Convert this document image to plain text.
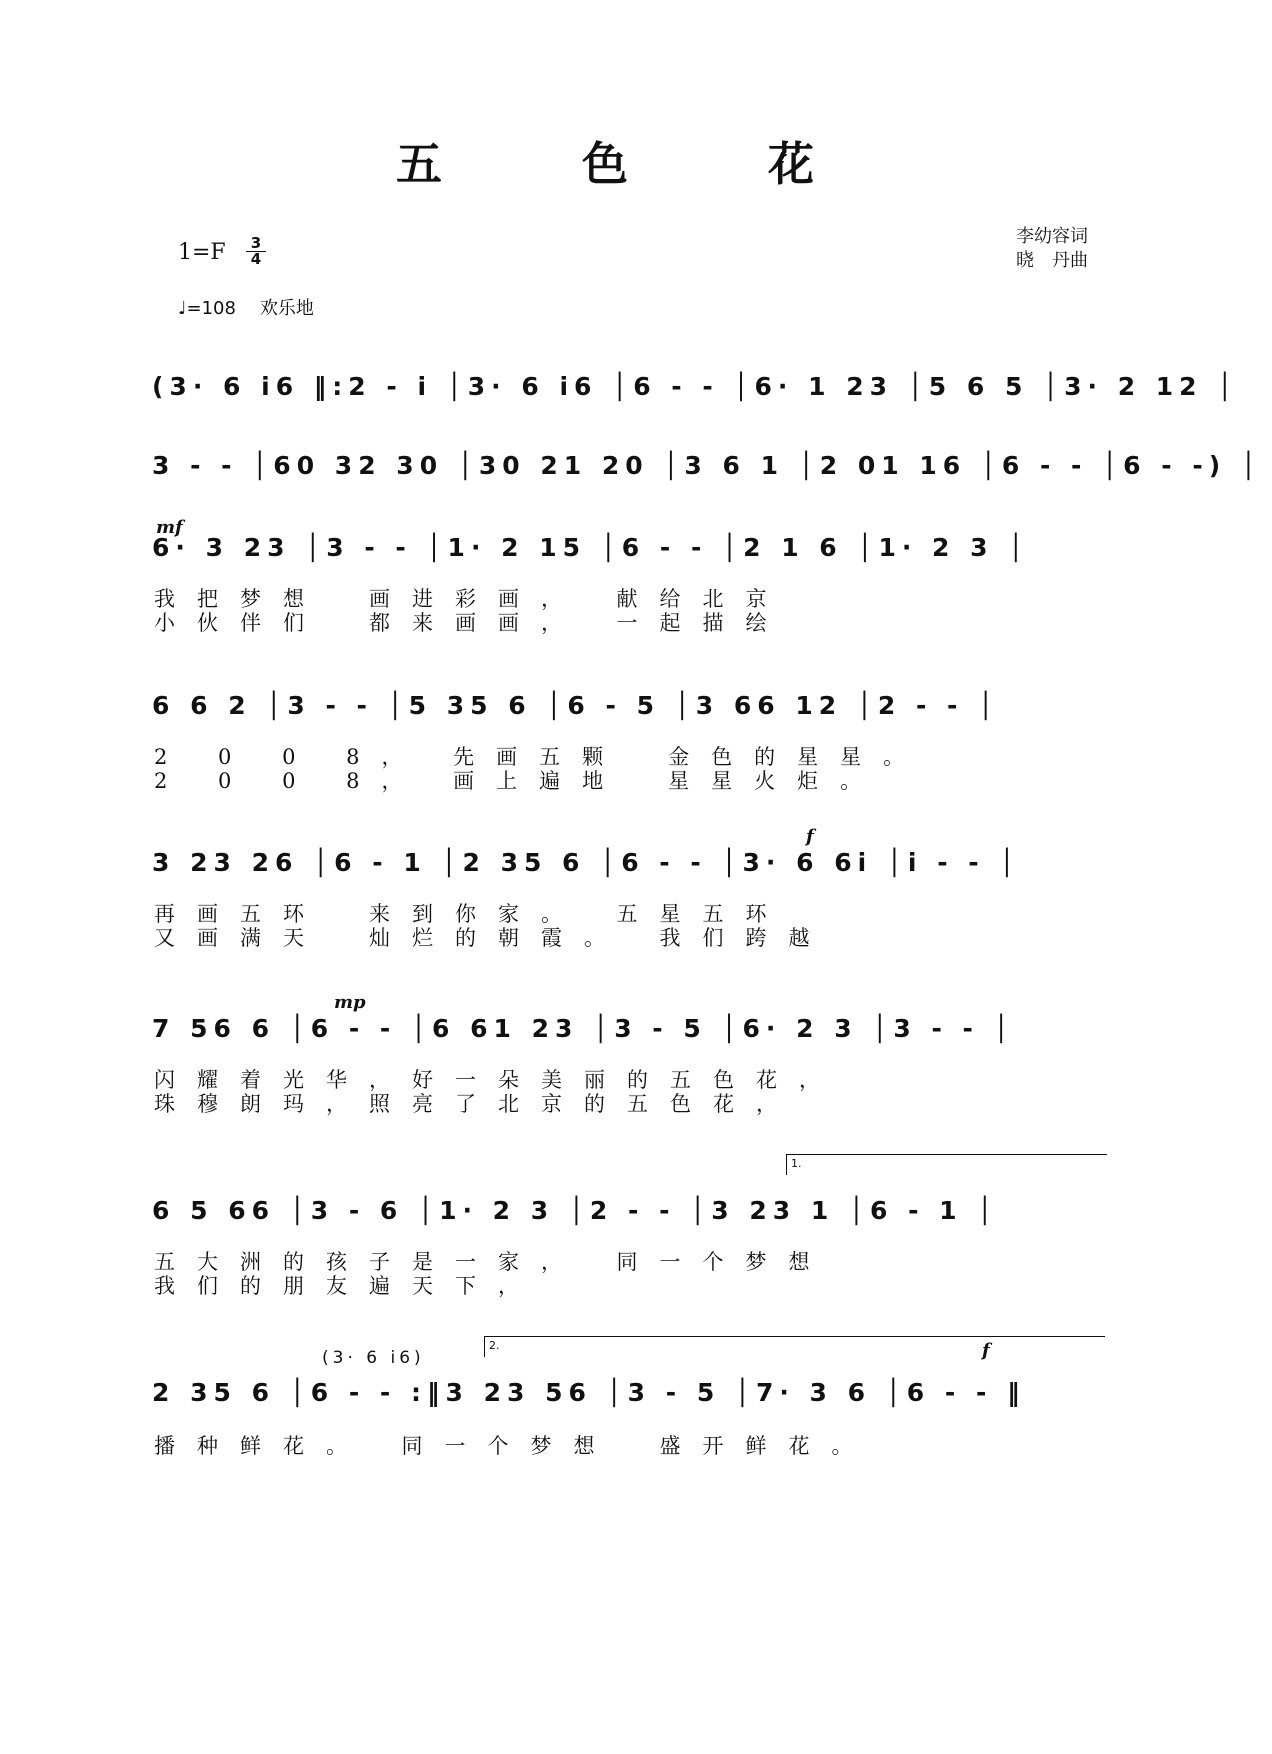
五 色 花
$1=F \frac{3}{4}$
♩=108 欢乐地
李幼容词
晓　丹曲
(3· 6 i6 ‖:2 - i │3· 6 i6 │6 - - │6· 1 23 │5 6 5 │3· 2 12 │
3 - - │60 32 30 │30 21 20 │3 6 1 │2 01 16 │6 - - │6 - -) │
mf
6· 3 23 │3 - - │1· 2 15 │6 - - │2 1 6 │1· 2 3 │
我把梦想　画进彩画，　献给北京
小伙伴们　都来画画，　一起描绘
6 6 2 │3 - - │5 35 6 │6 - 5 │3 66 12 │2 - - │
2 0 0 8， 先画五颗　金色的星星。
2 0 0 8， 画上遍地　星星火炬。
f
3 23 26 │6 - 1 │2 35 6 │6 - - │3· 6 6i │i - - │
再画五环　来到你家。　五星五环
又画满天　灿烂的朝霞。　我们跨越
mp
7 56 6 │6 - - │6 61 23 │3 - 5 │6· 2 3 │3 - - │
闪耀着光华，好一朵美丽的五色花，
珠穆朗玛，照亮了北京的五色花，
1.
6 5 66 │3 - 6 │1· 2 3 │2 - - │3 23 1 │6 - 1 │
五大洲的孩子是一家，　同一个梦想
我们的朋友遍天下，
2.	f
(3· 6 i6)
2 35 6 │6 - - :‖3 23 56 │3 - 5 │7· 3 6 │6 - - ‖
播种鲜花。　同一个梦想　盛开鲜花。
